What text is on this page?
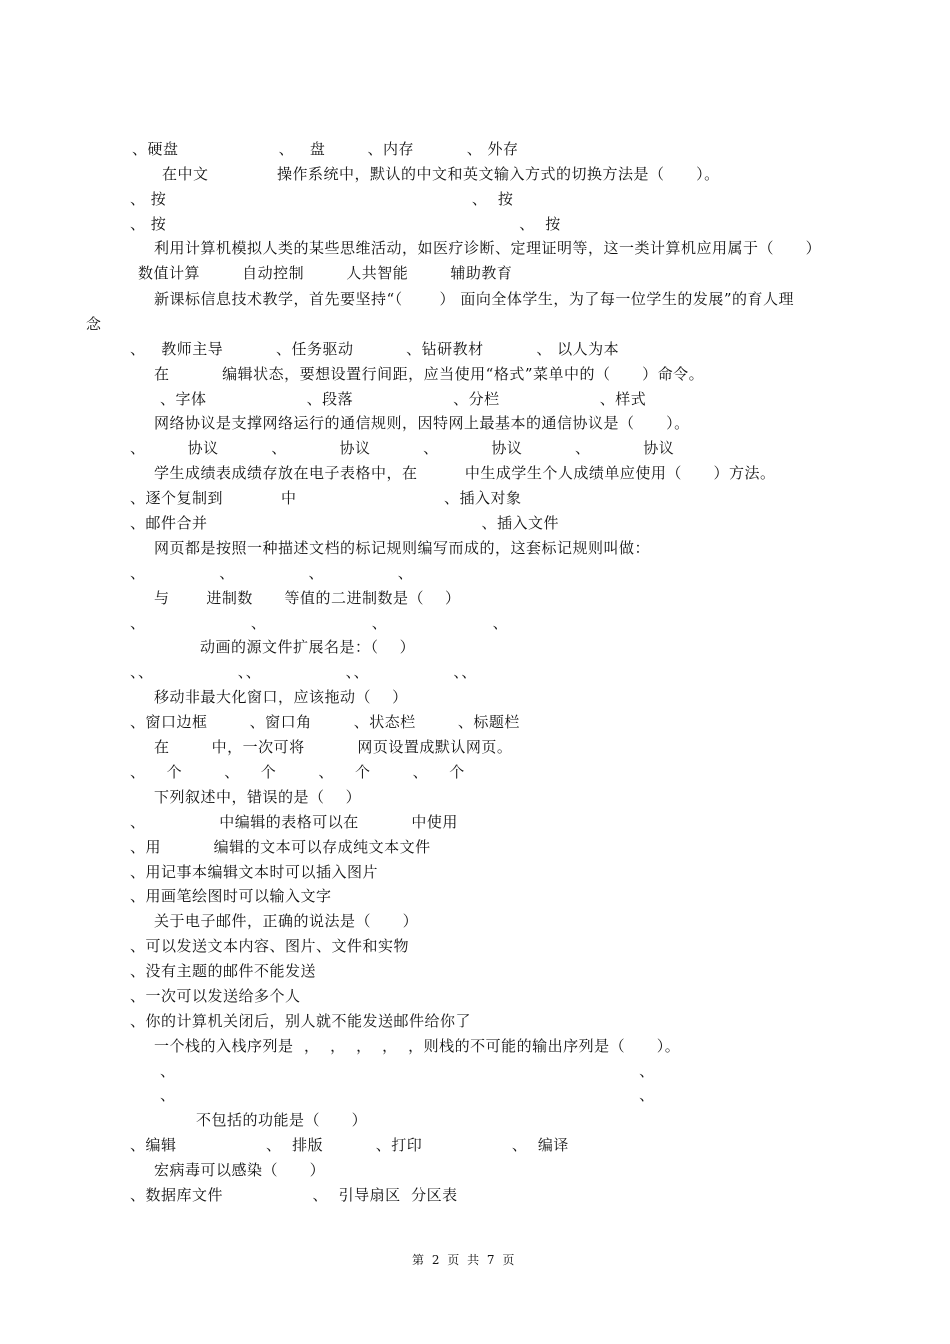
、硬盘                   、   盘        、内存          、 外存
在中文             操作系统中，默认的中文和英文输入方式的切换方法是（      ）。
、 按                                                          、  按
、 按                                                                   、  按
利用计算机模拟人类的某些思维活动，如医疗诊断、定理证明等，这一类计算机应用属于（      ）
数值计算        自动控制        人共智能        辅助教育
新课标信息技术教学，首先要坚持“（       ） 面向全体学生，为了每一位学生的发展”的育人理
念
、   教师主导          、任务驱动          、钻研教材          、 以人为本
在          编辑状态，要想设置行间距，应当使用“格式”菜单中的（      ）命令。
、字体                   、段落                   、分栏                   、样式
网络协议是支撑网络运行的通信规则，因特网上最基本的通信协议是（      ）。
、        协议          、          协议          、          协议          、          协议
学生成绩表成绩存放在电子表格中，在         中生成学生个人成绩单应使用（      ）方法。
、逐个复制到           中                            、插入对象
、邮件合并                                                    、插入文件
网页都是按照一种描述文档的标记规则编写而成的，这套标记规则叫做：
、              、              、              、
与       进制数      等值的二进制数是（    ）
、                    、                    、                    、
动画的源文件扩展名是：（    ）
、、                、、                、、                、、
移动非最大化窗口，应该拖动（    ）
、窗口边框        、窗口角        、状态栏        、标题栏
在        中，一次可将          网页设置成默认网页。
、    个        、    个        、    个        、    个
下列叙述中，错误的是（    ）
、              中编辑的表格可以在          中使用
、用          编辑的文本可以存成纯文本文件
、用记事本编辑文本时可以插入图片
、用画笔绘图时可以输入文字
关于电子邮件，正确的说法是（      ）
、可以发送文本内容、图片、文件和实物
、没有主题的邮件不能发送
、一次可以发送给多个人
、你的计算机关闭后，别人就不能发送邮件给你了
一个栈的入栈序列是  ，  ，  ，  ，  ，则栈的不可能的输出序列是（      ）。
、                                                                                        、
、                                                                                        、
不包括的功能是（      ）
、编辑                 、  排版          、打印                 、  编译
宏病毒可以感染（      ）
、数据库文件                 、  引导扇区  分区表
第 2 页 共 7 页
